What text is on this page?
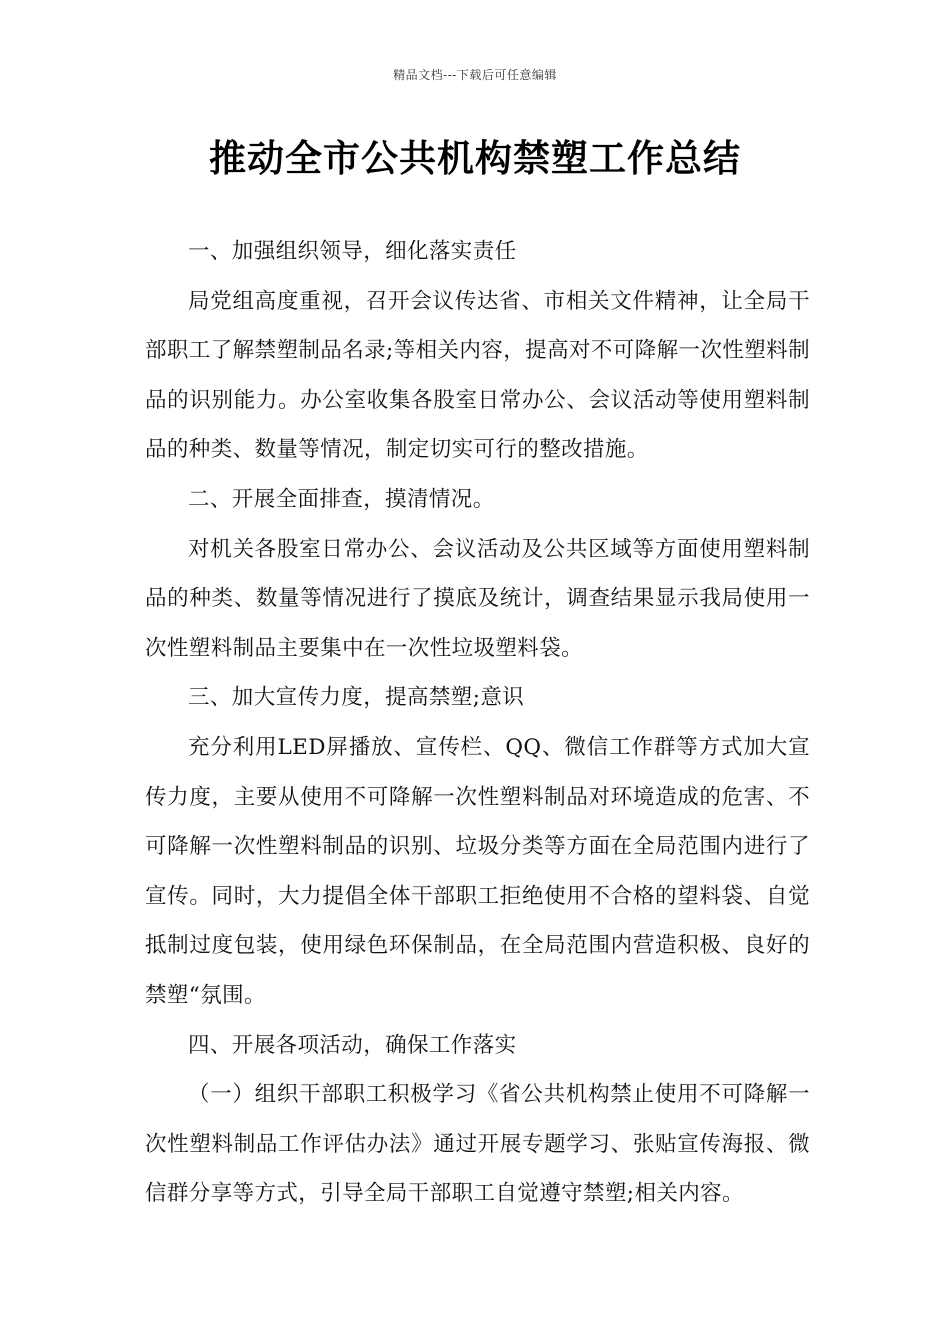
精品文档---下载后可任意编辑
推动全市公共机构禁塑工作总结

一、加强组织领导，细化落实责任

局党组高度重视，召开会议传达省、市相关文件精神，让全局干部职工了解禁塑制品名录;等相关内容，提高对不可降解一次性塑料制品的识别能力。办公室收集各股室日常办公、会议活动等使用塑料制品的种类、数量等情况，制定切实可行的整改措施。

二、开展全面排查，摸清情况。

对机关各股室日常办公、会议活动及公共区域等方面使用塑料制品的种类、数量等情况进行了摸底及统计，调查结果显示我局使用一次性塑料制品主要集中在一次性垃圾塑料袋。

三、加大宣传力度，提高禁塑;意识

充分利用LED屏播放、宣传栏、QQ、微信工作群等方式加大宣传力度，主要从使用不可降解一次性塑料制品对环境造成的危害、不可降解一次性塑料制品的识别、垃圾分类等方面在全局范围内进行了宣传。同时，大力提倡全体干部职工拒绝使用不合格的望料袋、自觉抵制过度包装，使用绿色环保制品，在全局范围内营造积极、良好的禁塑“氛围。

四、开展各项活动，确保工作落实

（一）组织干部职工积极学习《省公共机构禁止使用不可降解一次性塑料制品工作评估办法》通过开展专题学习、张贴宣传海报、微信群分享等方式，引导全局干部职工自觉遵守禁塑;相关内容。
